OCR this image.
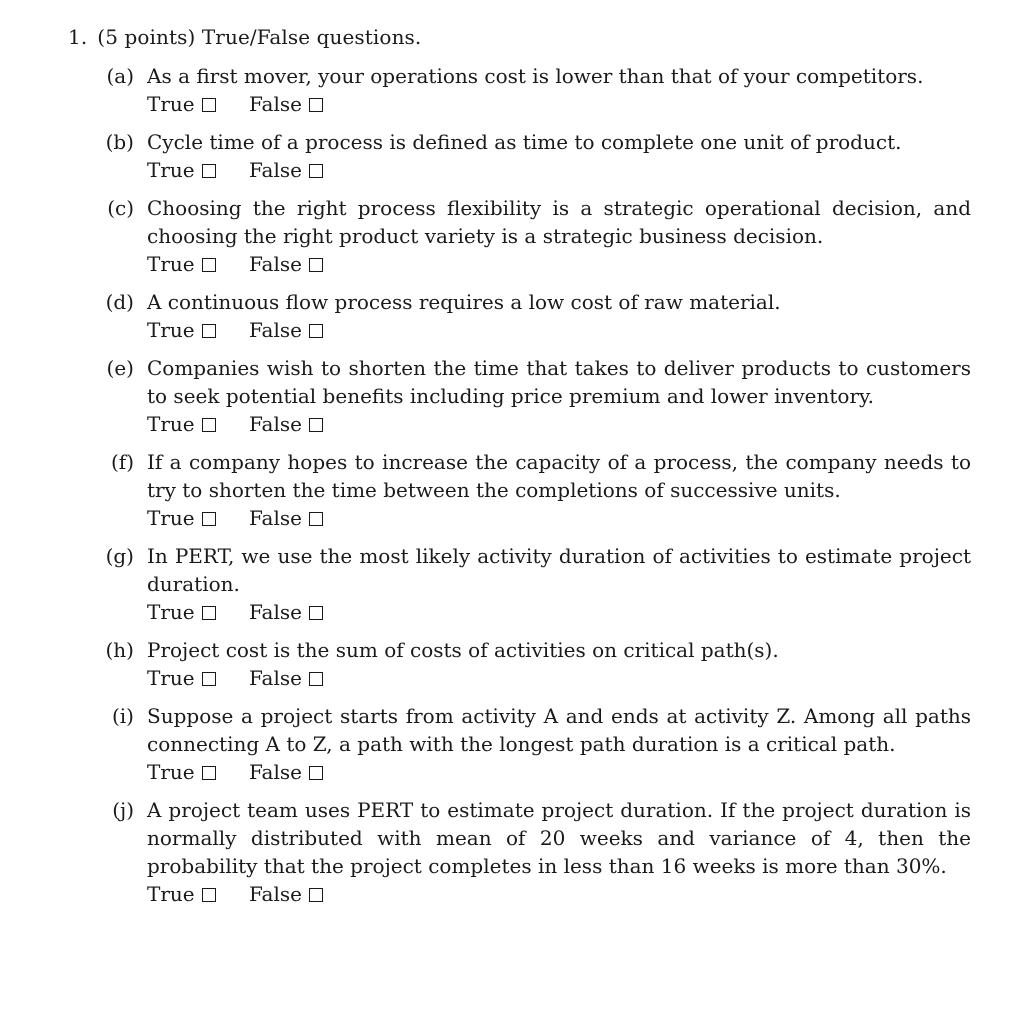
1. (5 points) True/False questions.
(a) As a first mover, your operations cost is lower than that of your competitors.
True	False
(b) Cycle time of a process is defined as time to complete one unit of product.
True	False
(c) Choosing the right process flexibility is a strategic operational decision, and choosing the right product variety is a strategic business decision.
True	False
(d) A continuous flow process requires a low cost of raw material.
True	False
(e) Companies wish to shorten the time that takes to deliver products to customers to seek potential benefits including price premium and lower inventory.
True	False
(f) If a company hopes to increase the capacity of a process, the company needs to try to shorten the time between the completions of successive units.
True	False
(g) In PERT, we use the most likely activity duration of activities to estimate project duration.
True	False
(h) Project cost is the sum of costs of activities on critical path(s).
True	False
(i) Suppose a project starts from activity A and ends at activity Z. Among all paths connecting A to Z, a path with the longest path duration is a critical path.
True	False
(j) A project team uses PERT to estimate project duration. If the project duration is normally distributed with mean of 20 weeks and variance of 4, then the probability that the project completes in less than 16 weeks is more than 30%.
True	False
